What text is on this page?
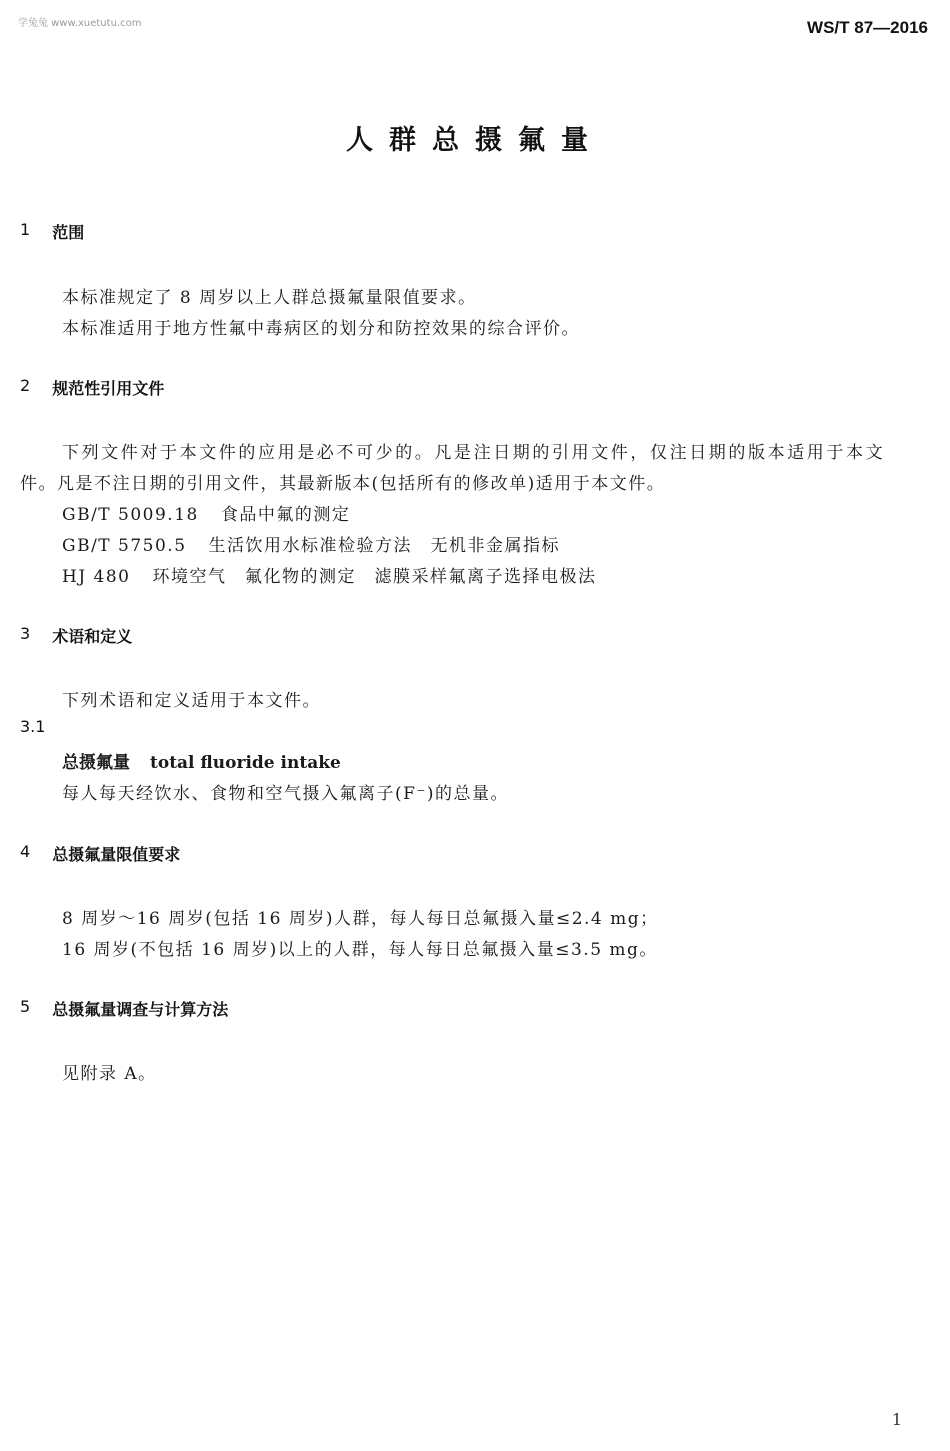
学兔兔 www.xuetutu.com	WS/T 87—2016
人群总摄氟量
1 范围
本标准规定了 8 周岁以上人群总摄氟量限值要求。
本标准适用于地方性氟中毒病区的划分和防控效果的综合评价。
2 规范性引用文件
下列文件对于本文件的应用是必不可少的。凡是注日期的引用文件，仅注日期的版本适用于本文
件。凡是不注日期的引用文件，其最新版本(包括所有的修改单)适用于本文件。
GB/T 5009.18 食品中氟的测定
GB/T 5750.5 生活饮用水标准检验方法　无机非金属指标
HJ 480 环境空气　氟化物的测定　滤膜采样氟离子选择电极法
3 术语和定义
下列术语和定义适用于本文件。
3.1
总摄氟量 total fluoride intake
每人每天经饮水、食物和空气摄入氟离子(F⁻)的总量。
4 总摄氟量限值要求
8 周岁～16 周岁(包括 16 周岁)人群，每人每日总氟摄入量≤2.4 mg；
16 周岁(不包括 16 周岁)以上的人群，每人每日总氟摄入量≤3.5 mg。
5 总摄氟量调查与计算方法
见附录 A。
1
